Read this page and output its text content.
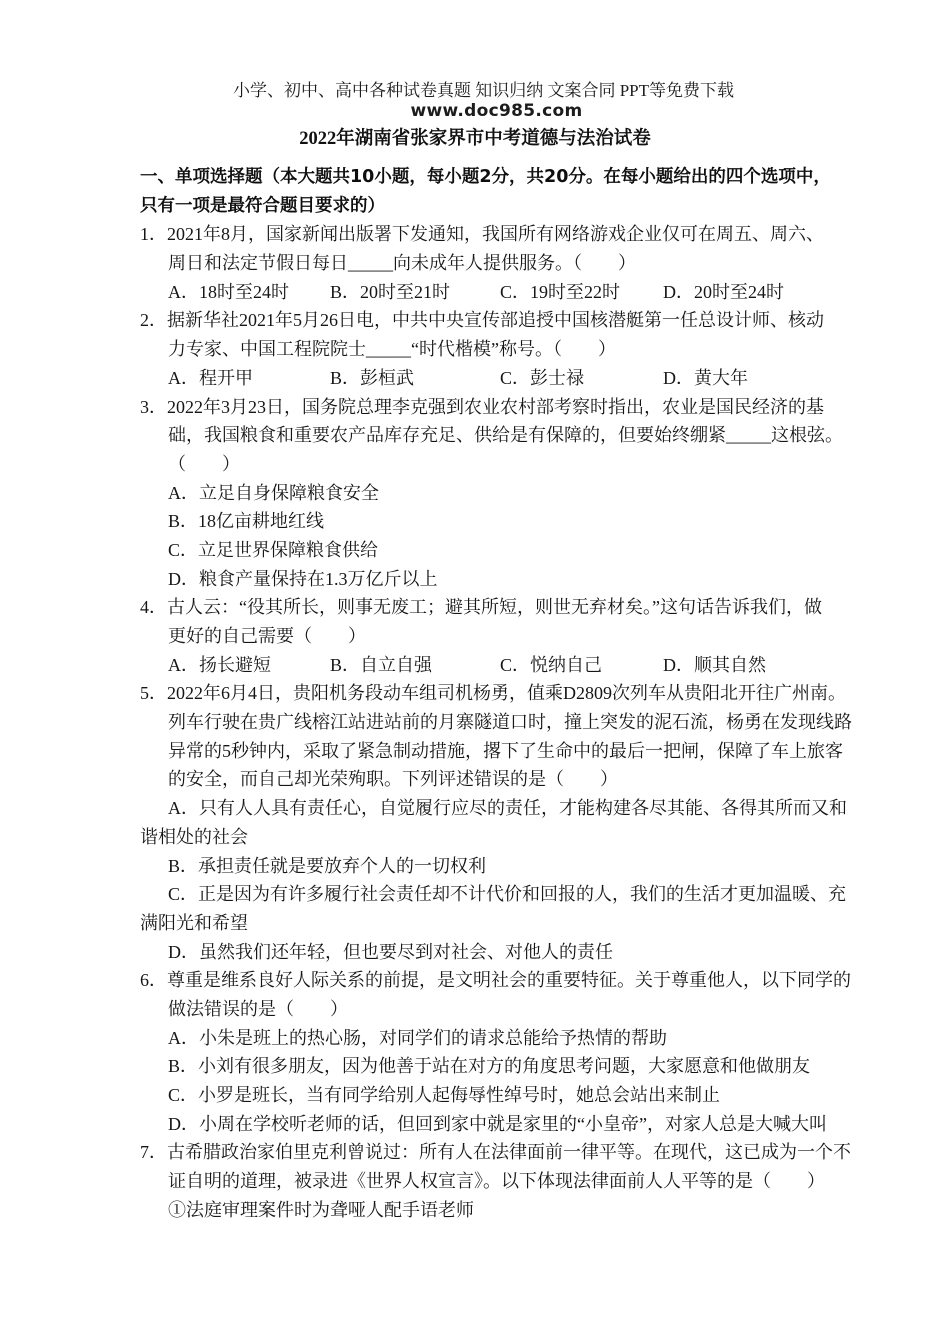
小学、初中、高中各种试卷真题 知识归纳 文案合同 PPT等免费下载
www.doc985.com

2022年湖南省张家界市中考道德与法治试卷
一、单项选择题（本大题共10小题，每小题2分，共20分。在每小题给出的四个选项中，
只有一项是最符合题目要求的）
1．2021年8月，国家新闻出版署下发通知，我国所有网络游戏企业仅可在周五、周六、
周日和法定节假日每日_____向未成年人提供服务。（　　）
A．18时至24时 B．20时至21时	C．19时至22时 D．20时至24时
2．据新华社2021年5月26日电，中共中央宣传部追授中国核潜艇第一任总设计师、核动
力专家、中国工程院院士_____“时代楷模”称号。（　　）
A．程开甲	B．彭桓武	C．彭士禄	D．黄大年
3．2022年3月23日，国务院总理李克强到农业农村部考察时指出，农业是国民经济的基
础，我国粮食和重要农产品库存充足、供给是有保障的，但要始终绷紧_____这根弦。
（　　）
A．立足自身保障粮食安全
B．18亿亩耕地红线
C．立足世界保障粮食供给
D．粮食产量保持在1.3万亿斤以上
4．古人云：“役其所长，则事无废工；避其所短，则世无弃材矣。”这句话告诉我们，做
更好的自己需要（　　）
A．扬长避短	B．自立自强	C．悦纳自己	D．顺其自然
5．2022年6月4日，贵阳机务段动车组司机杨勇，值乘D2809次列车从贵阳北开往广州南。
列车行驶在贵广线榕江站进站前的月寨隧道口时，撞上突发的泥石流，杨勇在发现线路
异常的5秒钟内，采取了紧急制动措施，撂下了生命中的最后一把闸，保障了车上旅客
的安全，而自己却光荣殉职。下列评述错误的是（　　）
A．只有人人具有责任心，自觉履行应尽的责任，才能构建各尽其能、各得其所而又和
谐相处的社会
B．承担责任就是要放弃个人的一切权利
C．正是因为有许多履行社会责任却不计代价和回报的人，我们的生活才更加温暖、充
满阳光和希望
D．虽然我们还年轻，但也要尽到对社会、对他人的责任
6．尊重是维系良好人际关系的前提，是文明社会的重要特征。关于尊重他人，以下同学的
做法错误的是（　　）
A．小朱是班上的热心肠，对同学们的请求总能给予热情的帮助
B．小刘有很多朋友，因为他善于站在对方的角度思考问题，大家愿意和他做朋友
C．小罗是班长，当有同学给别人起侮辱性绰号时，她总会站出来制止
D．小周在学校听老师的话，但回到家中就是家里的“小皇帝”，对家人总是大喊大叫
7．古希腊政治家伯里克利曾说过：所有人在法律面前一律平等。在现代，这已成为一个不
证自明的道理，被录进《世界人权宣言》。以下体现法律面前人人平等的是（　　）
①法庭审理案件时为聋哑人配手语老师
